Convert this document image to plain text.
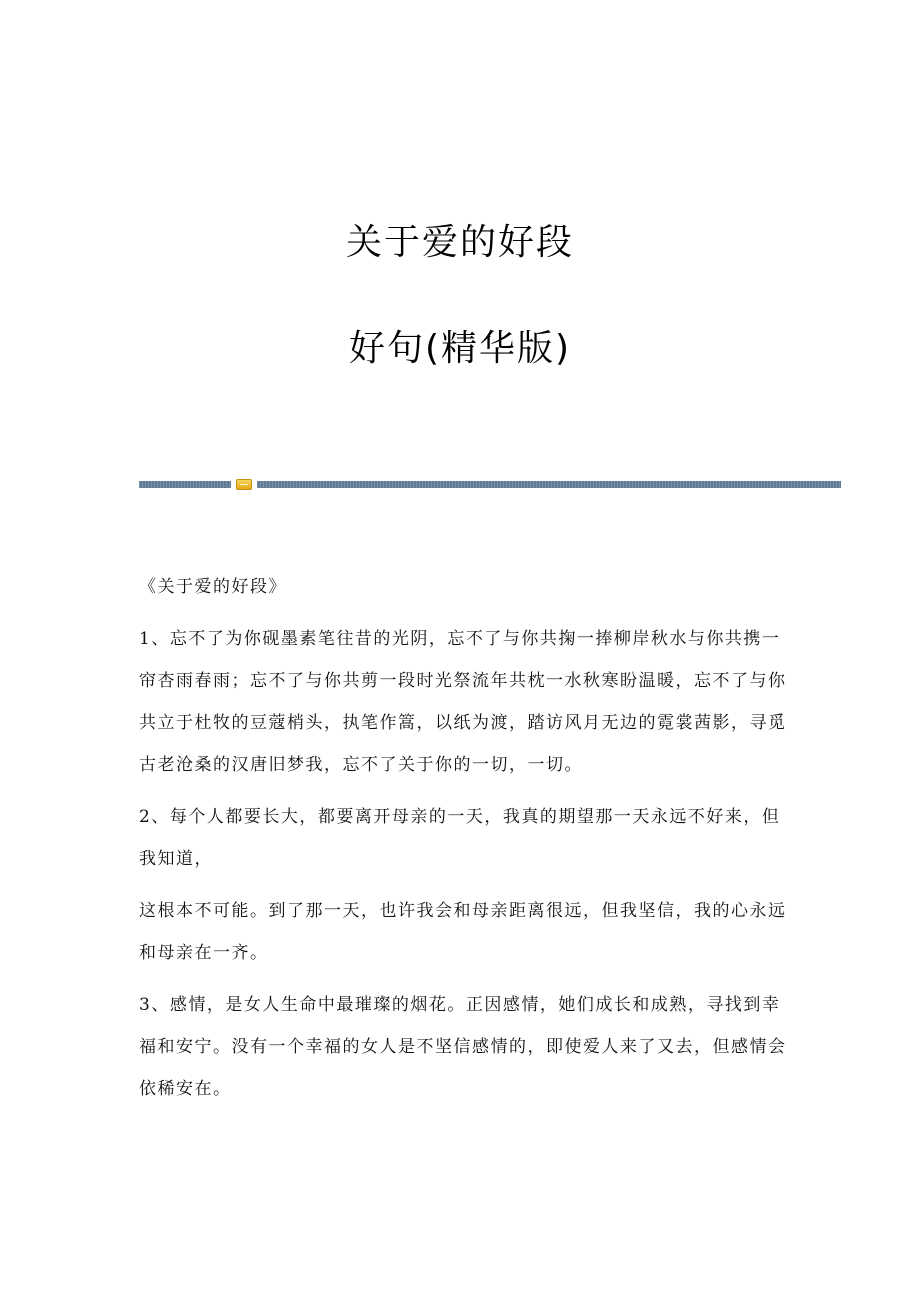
关于爱的好段
好句(精华版)

《关于爱的好段》

1、忘不了为你砚墨素笔往昔的光阴，忘不了与你共掬一捧柳岸秋水与你共携一帘杏雨春雨；忘不了与你共剪一段时光祭流年共枕一水秋寒盼温暖，忘不了与你共立于杜牧的豆蔻梢头，执笔作篙，以纸为渡，踏访风月无边的霓裳茜影，寻觅古老沧桑的汉唐旧梦我，忘不了关于你的一切，一切。

2、每个人都要长大，都要离开母亲的一天，我真的期望那一天永远不好来，但我知道，

这根本不可能。到了那一天，也许我会和母亲距离很远，但我坚信，我的心永远和母亲在一齐。

3、感情，是女人生命中最璀璨的烟花。正因感情，她们成长和成熟，寻找到幸福和安宁。没有一个幸福的女人是不坚信感情的，即使爱人来了又去，但感情会依稀安在。
